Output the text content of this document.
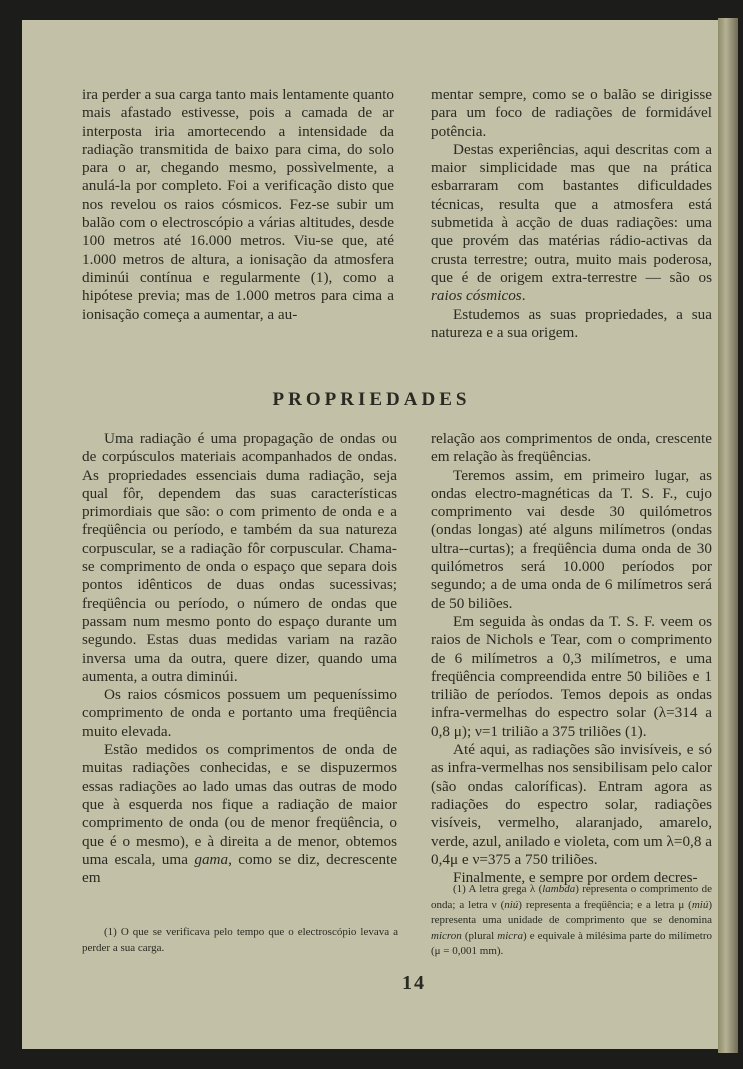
ira perder a sua carga tanto mais lentamente quanto mais afastado estivesse, pois a camada de ar interposta iria amortecendo a intensidade da radiação transmitida de baixo para cima, do solo para o ar, chegando mesmo, possìvelmente, a anulá-la por completo. Foi a verificação disto que nos revelou os raios cósmicos. Fez-se subir um balão com o electroscópio a várias altitudes, desde 100 metros até 16.000 metros. Viu-se que, até 1.000 metros de altura, a ionisação da atmosfera diminúi contínua e regularmente (1), como a hipótese previa; mas de 1.000 metros para cima a ionisação começa a aumentar, a au-

mentar sempre, como se o balão se dirigisse para um foco de radiações de formidável potência.

Destas experiências, aqui descritas com a maior simplicidade mas que na prática esbarraram com bastantes dificuldades técnicas, resulta que a atmosfera está submetida à acção de duas radiações: uma que provém das matérias rádio-activas da crusta terrestre; outra, muito mais poderosa, que é de origem extra-terrestre — são os raios cósmicos.

Estudemos as suas propriedades, a sua natureza e a sua origem.

PROPRIEDADES

Uma radiação é uma propagação de ondas ou de corpúsculos materiais acompanhados de ondas. As propriedades essenciais duma radiação, seja qual fôr, dependem das suas características primordiais que são: o com primento de onda e a freqüência ou período, e também da sua natureza corpuscular, se a radiação fôr corpuscular. Chama-se comprimento de onda o espaço que separa dois pontos idênticos de duas ondas sucessivas; freqüência ou período, o número de ondas que passam num mesmo ponto do espaço durante um segundo. Estas duas medidas variam na razão inversa uma da outra, quere dizer, quando uma aumenta, a outra diminúi.

Os raios cósmicos possuem um pequeníssimo comprimento de onda e portanto uma freqüência muito elevada.

Estão medidos os comprimentos de onda de muitas radiações conhecidas, e se dispuzermos essas radiações ao lado umas das outras de modo que à esquerda nos fique a radiação de maior comprimento de onda (ou de menor freqüência, o que é o mesmo), e à direita a de menor, obtemos uma escala, uma gama, como se diz, decrescente em

relação aos comprimentos de onda, crescente em relação às freqüências.

Teremos assim, em primeiro lugar, as ondas electro-magnéticas da T. S. F., cujo comprimento vai desde 30 quilómetros (ondas longas) até alguns milímetros (ondas ultra--curtas); a freqüência duma onda de 30 quilómetros será 10.000 períodos por segundo; a de uma onda de 6 milímetros será de 50 biliões.

Em seguida às ondas da T. S. F. veem os raios de Nichols e Tear, com o comprimento de 6 milímetros a 0,3 milímetros, e uma freqüência compreendida entre 50 biliões e 1 trilião de períodos. Temos depois as ondas infra-vermelhas do espectro solar (λ=314 a 0,8 μ); ν=1 trilião a 375 triliões (1).

Até aqui, as radiações são invisíveis, e só as infra-vermelhas nos sensibilisam pelo calor (são ondas caloríficas). Entram agora as radiações do espectro solar, radiações visíveis, vermelho, alaranjado, amarelo, verde, azul, anilado e violeta, com um λ=0,8 a 0,4μ e ν=375 a 750 triliões.

Finalmente, e sempre por ordem decres-

(1) A letra grega λ (lambda) representa o comprimento de onda; a letra ν (niú) representa a freqüência; e a letra μ (miú) representa uma unidade de comprimento que se denomina micron (plural micra) e equivale à milésima parte do milímetro (μ = 0,001 mm).

(1) O que se verificava pelo tempo que o electroscópio levava a perder a sua carga.

14
